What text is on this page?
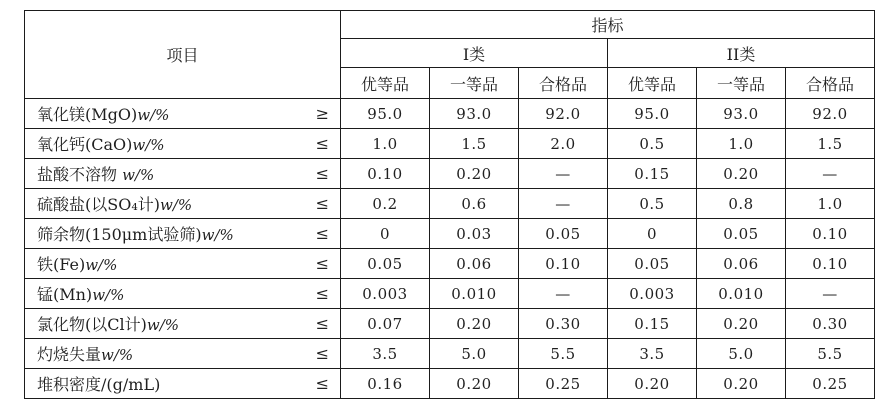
项目	指标					
	I类			II类		
	优等品	一等品	合格品	优等品	一等品	合格品

氧化镁(MgO)w/% ≥	95.0	93.0	92.0	95.0	93.0	92.0

氧化钙(CaO)w/% ≤	1.0	1.5	2.0	0.5	1.0	1.5

盐酸不溶物 w/% ≤	0.10	0.20	—	0.15	0.20	—

硫酸盐(以SO₄计)w/% ≤	0.2	0.6	—	0.5	0.8	1.0

筛余物(150μm试验筛)w/% ≤	0	0.03	0.05	0	0.05	0.10

铁(Fe)w/% ≤	0.05	0.06	0.10	0.05	0.06	0.10

锰(Mn)w/% ≤	0.003	0.010	—	0.003	0.010	—

氯化物(以Cl计)w/% ≤	0.07	0.20	0.30	0.15	0.20	0.30

灼烧失量w/% ≤	3.5	5.0	5.5	3.5	5.0	5.5

堆积密度/(g/mL) ≤	0.16	0.20	0.25	0.20	0.20	0.25
